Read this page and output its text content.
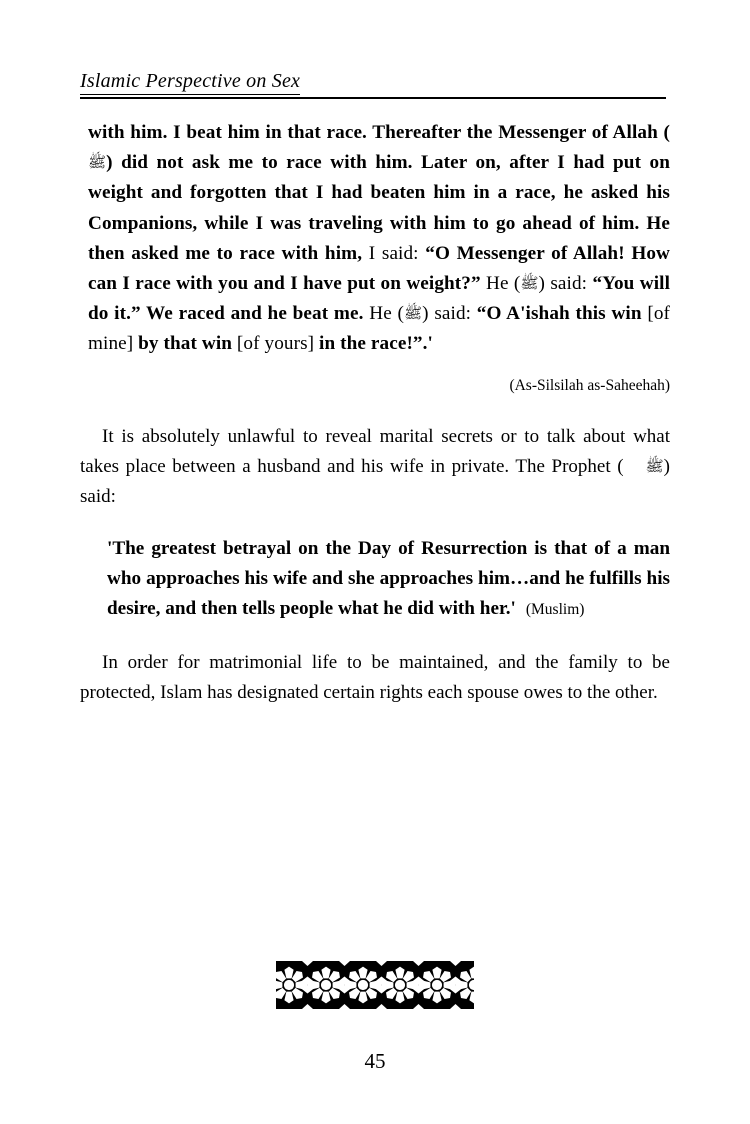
Islamic Perspective on Sex

with him. I beat him in that race. Thereafter the Messenger of Allah (ﷺ) did not ask me to race with him. Later on, after I had put on weight and forgotten that I had beaten him in a race, he asked his Companions, while I was traveling with him to go ahead of him. He then asked me to race with him, I said: “O Messenger of Allah! How can I race with you and I have put on weight?” He (ﷺ) said: “You will do it.” We raced and he beat me. He (ﷺ) said: “O A'ishah this win [of mine] by that win [of yours] in the race!”.'

(As-Silsilah as-Saheehah)

It is absolutely unlawful to reveal marital secrets or to talk about what takes place between a husband and his wife in private. The Prophet ( ﷺ) said:

'The greatest betrayal on the Day of Resurrection is that of a man who approaches his wife and she approaches him…and he fulfills his desire, and then tells people what he did with her.' (Muslim)

In order for matrimonial life to be maintained, and the family to be protected, Islam has designated certain rights each spouse owes to the other.

45
